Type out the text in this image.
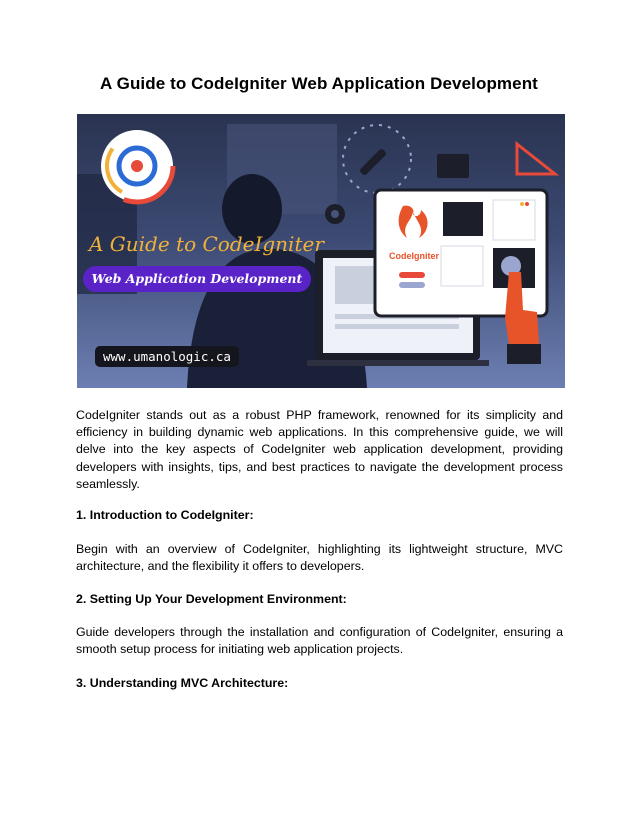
A Guide to CodeIgniter Web Application Development
CodeIgniter
A Guide to CodeIgniter
Web Application Development
www.umanologic.ca

CodeIgniter stands out as a robust PHP framework, renowned for its simplicity and efficiency in building dynamic web applications. In this comprehensive guide, we will delve into the key aspects of CodeIgniter web application development, providing developers with insights, tips, and best practices to navigate the development process seamlessly.

1. Introduction to CodeIgniter:

Begin with an overview of CodeIgniter, highlighting its lightweight structure, MVC architecture, and the flexibility it offers to developers.

2. Setting Up Your Development Environment:

Guide developers through the installation and configuration of CodeIgniter, ensuring a smooth setup process for initiating web application projects.

3. Understanding MVC Architecture:
